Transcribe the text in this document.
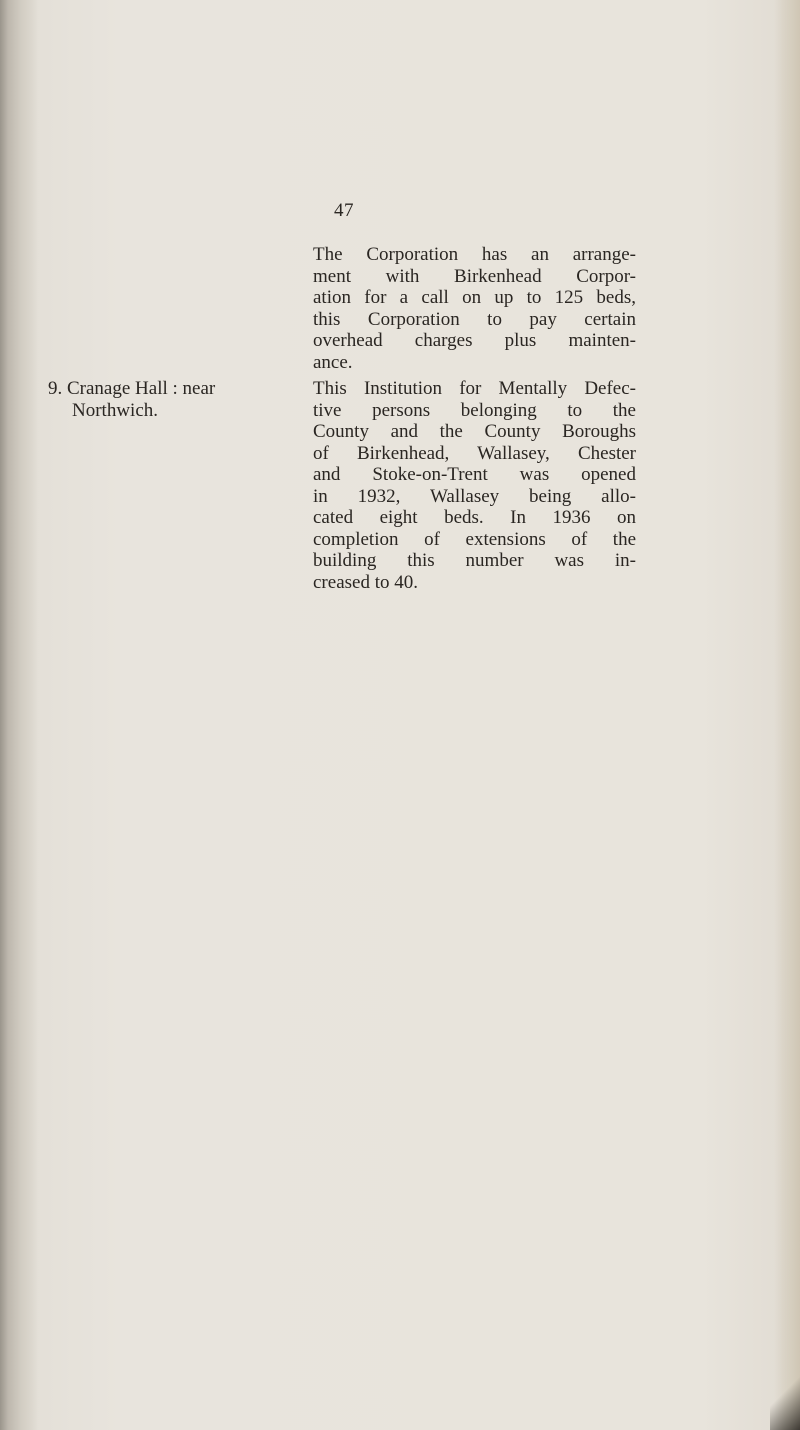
47
The Corporation has an arrange-
ment with Birkenhead Corpor-
ation for a call on up to 125 beds,
this Corporation to pay certain
overhead charges plus mainten-
ance.
9. Cranage Hall : near
Northwich.
This Institution for Mentally Defec-
tive persons belonging to the
County and the County Boroughs
of Birkenhead, Wallasey, Chester
and Stoke-on-Trent was opened
in 1932, Wallasey being allo-
cated eight beds. In 1936 on
completion of extensions of the
building this number was in-
creased to 40.
